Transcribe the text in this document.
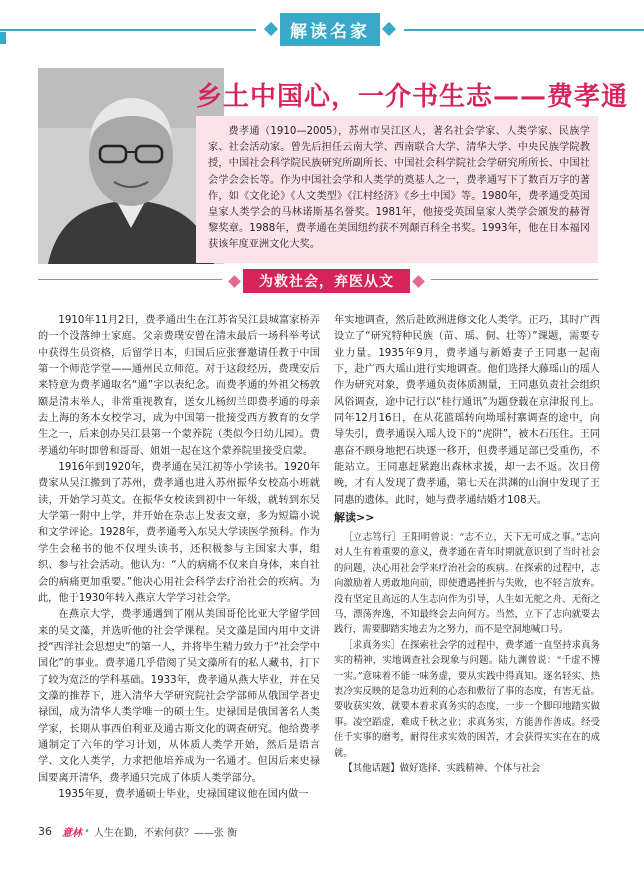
解读名家
乡土中国心，一介书生志——费孝通
费孝通（1910—2005），苏州市吴江区人，著名社会学家、人类学家、民族学家、社会活动家。曾先后担任云南大学、西南联合大学、清华大学、中央民族学院教授，中国社会科学院民族研究所副所长、中国社会科学院社会学研究所所长、中国社会学会会长等。作为中国社会学和人类学的奠基人之一，费孝通写下了数百万字的著作，如《文化论》《人文类型》《江村经济》《乡土中国》等。1980年，费孝通受英国皇家人类学会的马林诺斯基名誉奖。1981年，他接受英国皇家人类学会颁发的赫胥黎奖章。1988年，费孝通在美国纽约获不列颠百科全书奖。1993年，他在日本福冈获该年度亚洲文化大奖。
为救社会，弃医从文

1910年11月2日，费孝通出生在江苏省吴江县城富家桥弄的一个没落绅士家庭。父亲费璞安曾在清末最后一场科举考试中获得生员资格，后留学日本，归国后应张謇邀请任教于中国第一个师范学堂——通州民立师范。对于这段经历，费璞安后来特意为费孝通取名“通”字以表纪念。而费孝通的外祖父杨敦颐是清末举人，非常重视教育，送女儿杨纫兰即费孝通的母亲去上海的务本女校学习，成为中国第一批接受西方教育的女学生之一，后来创办吴江县第一个蒙养院（类似今日幼儿园）。费孝通幼年时即曾和哥哥、姐姐一起在这个蒙养院里接受启蒙。

1916年到1920年，费孝通在吴江初等小学读书。1920年费家从吴江搬到了苏州，费孝通也进入苏州振华女校高小班就读，开始学习英文。在振华女校读到初中一年级，就转到东吴大学第一附中上学，并开始在杂志上发表文章，多为短篇小说和文学评论。1928年，费孝通考入东吴大学读医学预科。作为学生会秘书的他不仅埋头读书，还积极参与主国家大事，组织、参与社会活动。他认为：“人的病痛不仅来自身体，来自社会的病痛更加重要。”他决心用社会科学去疗治社会的疾病。为此，他于1930年转入燕京大学学习社会学。

在燕京大学，费孝通遇到了刚从美国哥伦比亚大学留学回来的吴文藻，并选听他的社会学课程。吴文藻是国内用中文讲授“西洋社会思想史”的第一人，并将毕生精力致力于“社会学中国化”的事业。费孝通几乎借阅了吴文藻所有的私人藏书，打下了较为宽泛的学科基础。1933年，费孝通从燕大毕业，并在吴文藻的推荐下，进入清华大学研究院社会学部师从俄国学者史禄国，成为清华人类学唯一的硕士生。史禄国是俄国著名人类学家，长期从事西伯利亚及通古斯文化的调查研究。他给费孝通制定了六年的学习计划，从体质人类学开始，然后是语言学、文化人类学，力求把他培养成为一名通才。但因后来史禄国要离开清华，费孝通只完成了体质人类学部分。

1935年夏，费孝通硕士毕业，史禄国建议他在国内做一

年实地调查，然后赴欧洲进修文化人类学。正巧，其时广西设立了“研究特种民族（苗、瑶、侗、壮等）”课题，需要专业力量。1935年9月，费孝通与新婚妻子王同惠一起南下，赴广西大瑶山进行实地调查。他们选择大藤瑶山的瑶人作为研究对象，费孝通负责体质测量，王同惠负责社会组织风俗调查，途中记行以“桂行通讯”为题登载在京津报刊上。同年12月16日，在从花篮瑶转向坳瑶村寨调查的途中，向导失引，费孝通误入瑶人设下的“虎阱”，被木石压住。王同惠奋不顾身地把石块逐一移开，但费孝通足部已受重伤，不能站立。王同惠赶紧跑出森林求援，却一去不返。次日傍晚，才有人发现了费孝通，第七天在洪渊的山涧中发现了王同惠的遗体。此时，她与费孝通结婚才108天。

解读>>

［立志笃行］王阳明曾说：“志不立，天下无可成之事。”志向对人生有着重要的意义，费孝通在青年时期就意识到了当时社会的问题，决心用社会学来疗治社会的疾病。在探索的过程中，志向激励着人勇敢地向前，即使遭遇挫折与失败，也不轻言放弃。没有坚定且高远的人生志向作为引导，人生如无舵之舟、无衔之马，漂荡奔逸，不知最终会去向何方。当然，立下了志向就要去践行，需要脚踏实地去为之努力，而不是空洞地喊口号。

［求真务实］在探索社会学的过程中，费孝通一直坚持求真务实的精神，实地调查社会现象与问题。陆九渊曾说：“千虚不博一实。”意味着不能一味务虚，要从实践中得真知。逐名轻实、热衷冷实反映的是急功近利的心态和敷衍了事的态度，有害无益。要收获实效，就要本着求真务实的态度，一步一个脚印地踏实做事。凌空蹈虚，难成千秋之业；求真务实，方能善作善成。经受住千实事的磨考，耐得住求实效的困苦，才会获得实实在在的成就。

【其他话题】做好选择、实践精神、个体与社会

36 意林 • 人生在勤，不索何获？——张 衡
